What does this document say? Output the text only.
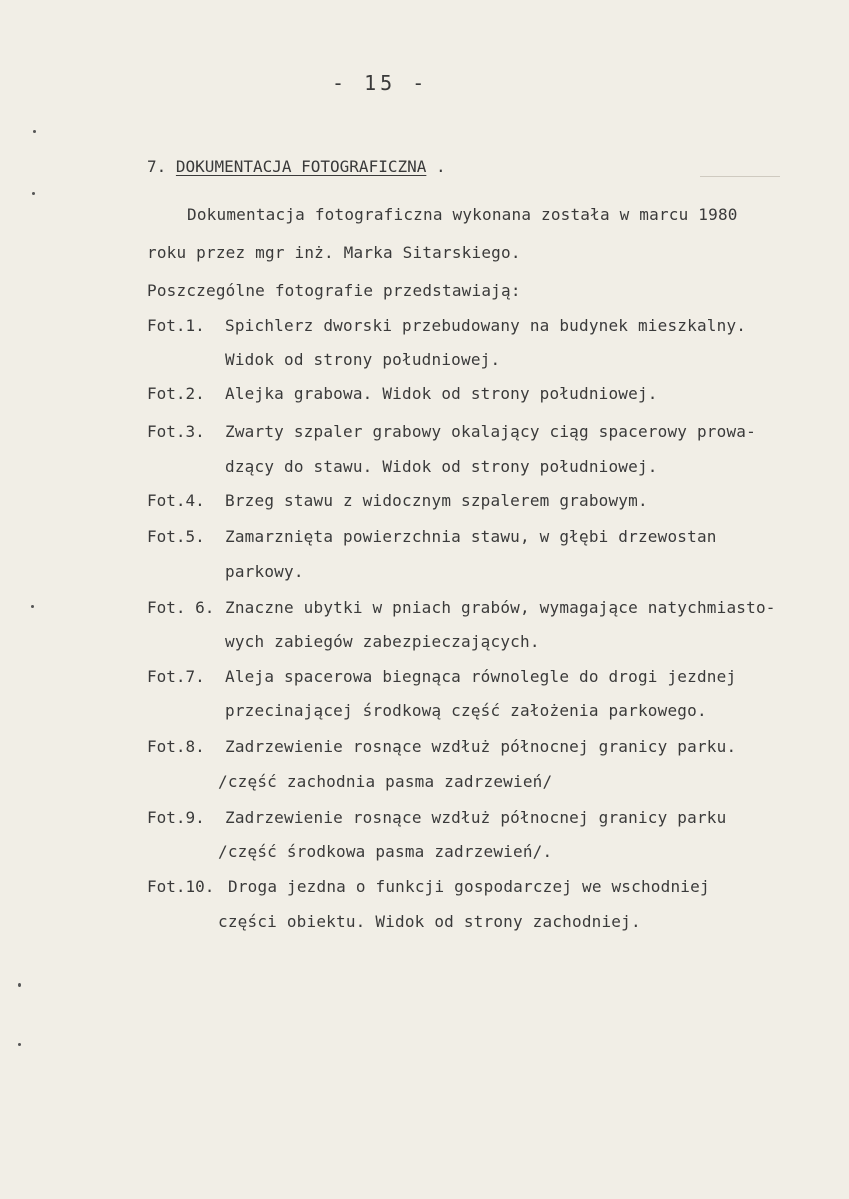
- 15 -
7. DOKUMENTACJA FOTOGRAFICZNA .
Dokumentacja fotograficzna wykonana została w marcu 1980
roku przez mgr inż. Marka Sitarskiego.
Poszczególne fotografie przedstawiają:
Fot.1. Spichlerz dworski przebudowany na budynek mieszkalny.
Widok od strony południowej.
Fot.2. Alejka grabowa. Widok od strony południowej.
Fot.3. Zwarty szpaler grabowy okalający ciąg spacerowy prowa-
dzący do stawu. Widok od strony południowej.
Fot.4. Brzeg stawu z widocznym szpalerem grabowym.
Fot.5. Zamarznięta powierzchnia stawu, w głębi drzewostan
parkowy.
Fot. 6. Znaczne ubytki w pniach grabów, wymagające natychmiasto-
wych zabiegów zabezpieczających.
Fot.7. Aleja spacerowa biegnąca równolegle do drogi jezdnej
przecinającej środkową część założenia parkowego.
Fot.8. Zadrzewienie rosnące wzdłuż północnej granicy parku.
/część zachodnia pasma zadrzewień/
Fot.9. Zadrzewienie rosnące wzdłuż północnej granicy parku
/część środkowa pasma zadrzewień/.
Fot.10. Droga jezdna o funkcji gospodarczej we wschodniej
części obiektu. Widok od strony zachodniej.
